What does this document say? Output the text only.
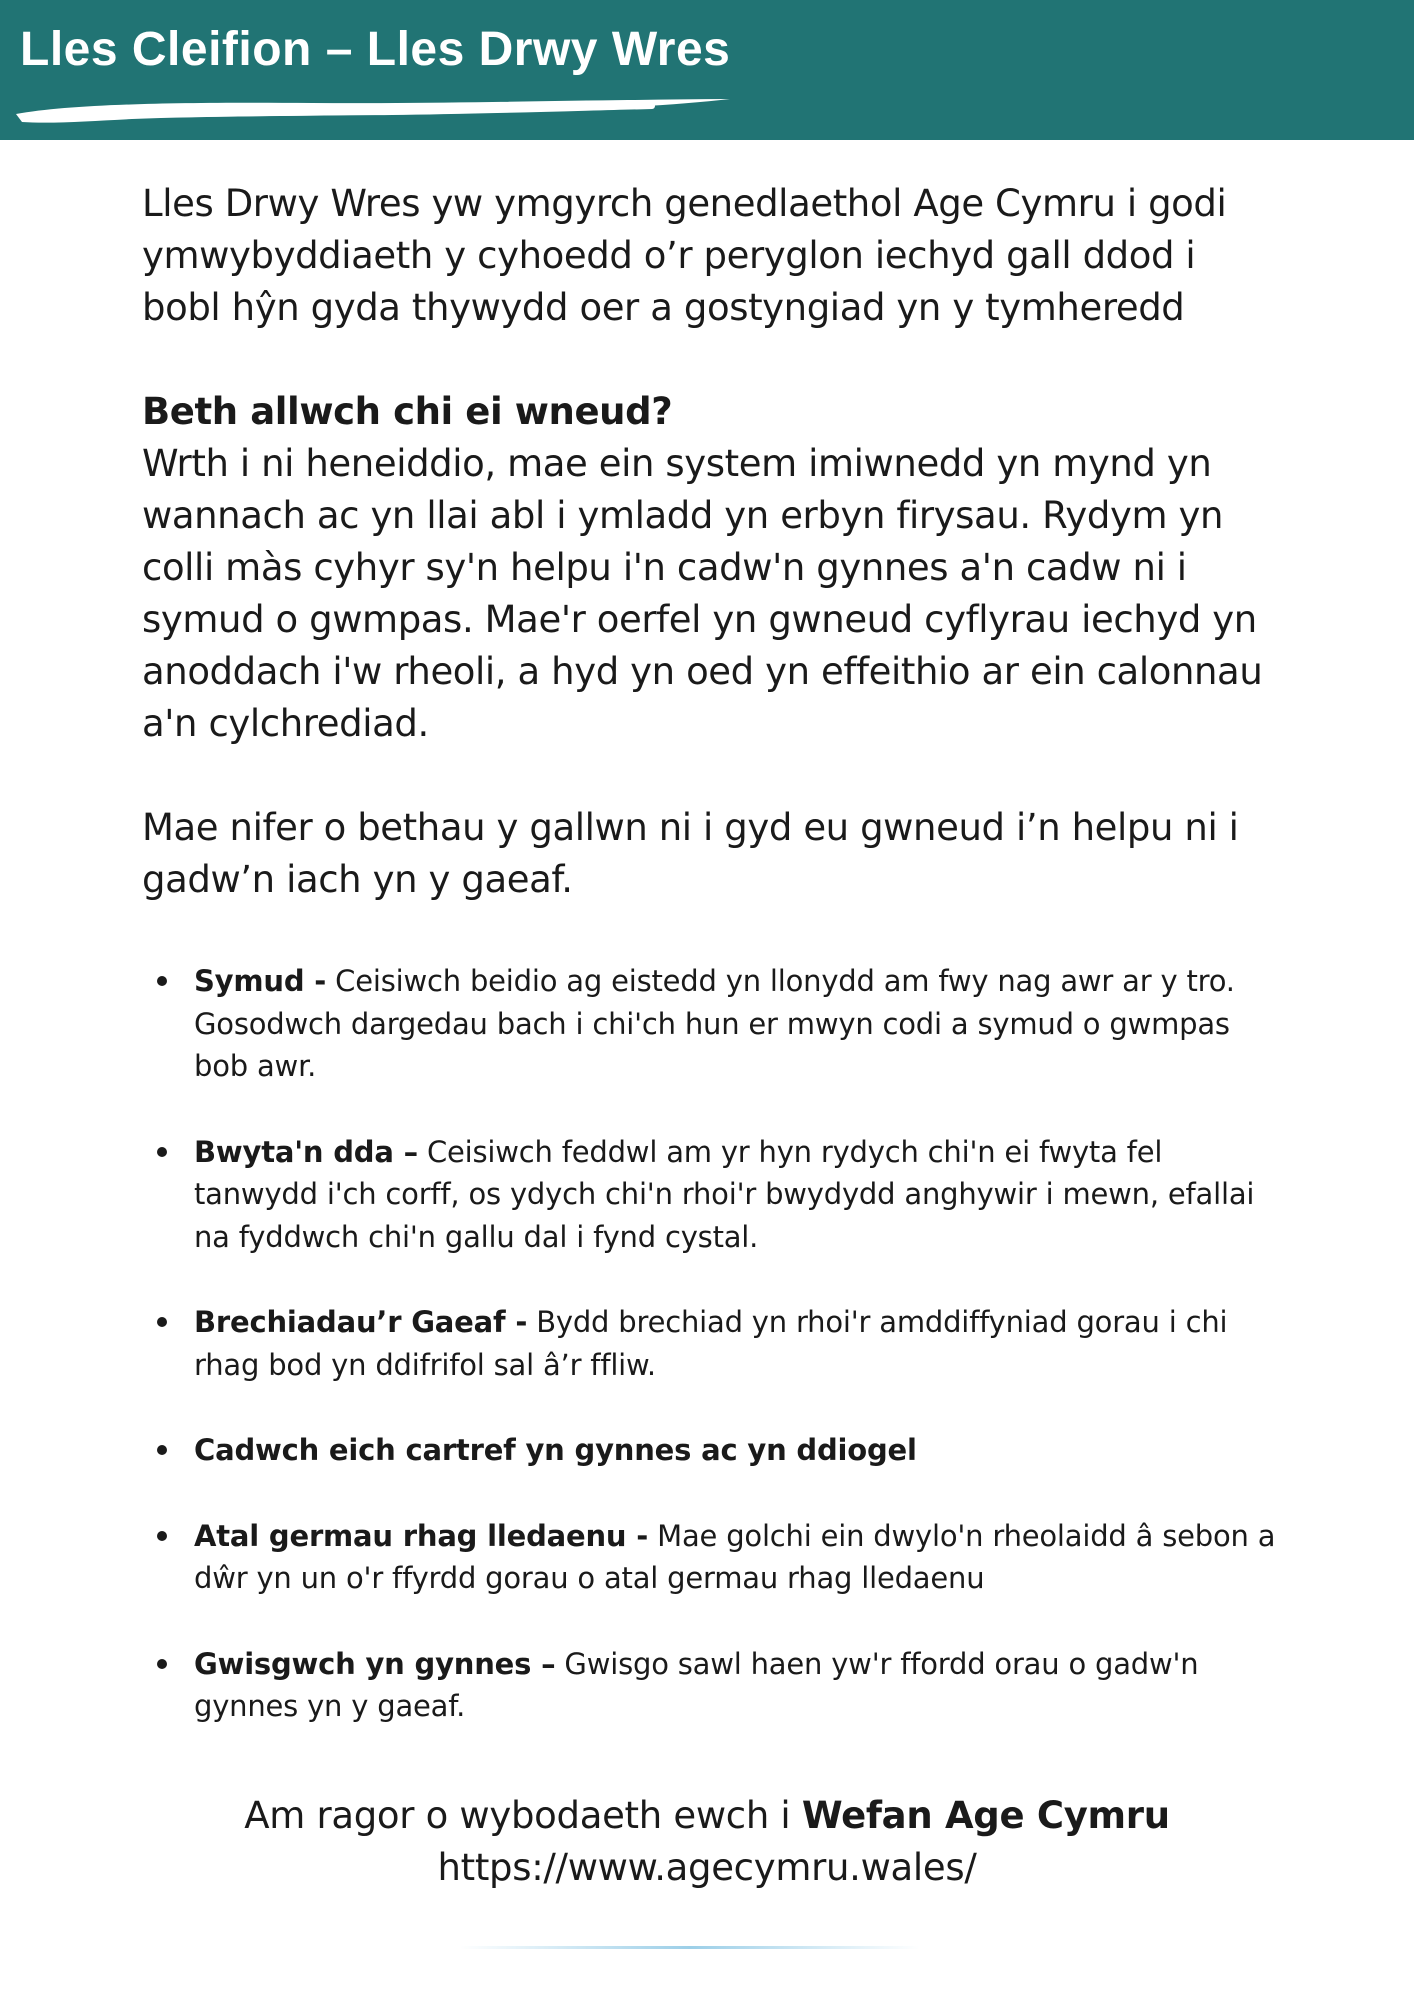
Lles Cleifion – Lles Drwy Wres

Lles Drwy Wres yw ymgyrch genedlaethol Age Cymru i godi ymwybyddiaeth y cyhoedd o’r peryglon iechyd gall ddod i bobl hŷn gyda thywydd oer a gostyngiad yn y tymheredd

Beth allwch chi ei wneud?
Wrth i ni heneiddio, mae ein system imiwnedd yn mynd yn wannach ac yn llai abl i ymladd yn erbyn firysau. Rydym yn colli màs cyhyr sy'n helpu i'n cadw'n gynnes a'n cadw ni i symud o gwmpas. Mae'r oerfel yn gwneud cyflyrau iechyd yn anoddach i'w rheoli, a hyd yn oed yn effeithio ar ein calonnau a'n cylchrediad.

Mae nifer o bethau y gallwn ni i gyd eu gwneud i’n helpu ni i gadw’n iach yn y gaeaf.

Symud - Ceisiwch beidio ag eistedd yn llonydd am fwy nag awr ar y tro. Gosodwch dargedau bach i chi'ch hun er mwyn codi a symud o gwmpas bob awr.
Bwyta'n dda – Ceisiwch feddwl am yr hyn rydych chi'n ei fwyta fel tanwydd i'ch corff, os ydych chi'n rhoi'r bwydydd anghywir i mewn, efallai na fyddwch chi'n gallu dal i fynd cystal.
Brechiadau’r Gaeaf - Bydd brechiad yn rhoi'r amddiffyniad gorau i chi rhag bod yn ddifrifol sal â’r ffliw.
Cadwch eich cartref yn gynnes ac yn ddiogel
Atal germau rhag lledaenu - Mae golchi ein dwylo'n rheolaidd â sebon a dŵr yn un o'r ffyrdd gorau o atal germau rhag lledaenu
Gwisgwch yn gynnes – Gwisgo sawl haen yw'r ffordd orau o gadw'n gynnes yn y gaeaf.
Am ragor o wybodaeth ewch i Wefan Age Cymru
https://www.agecymru.wales/
